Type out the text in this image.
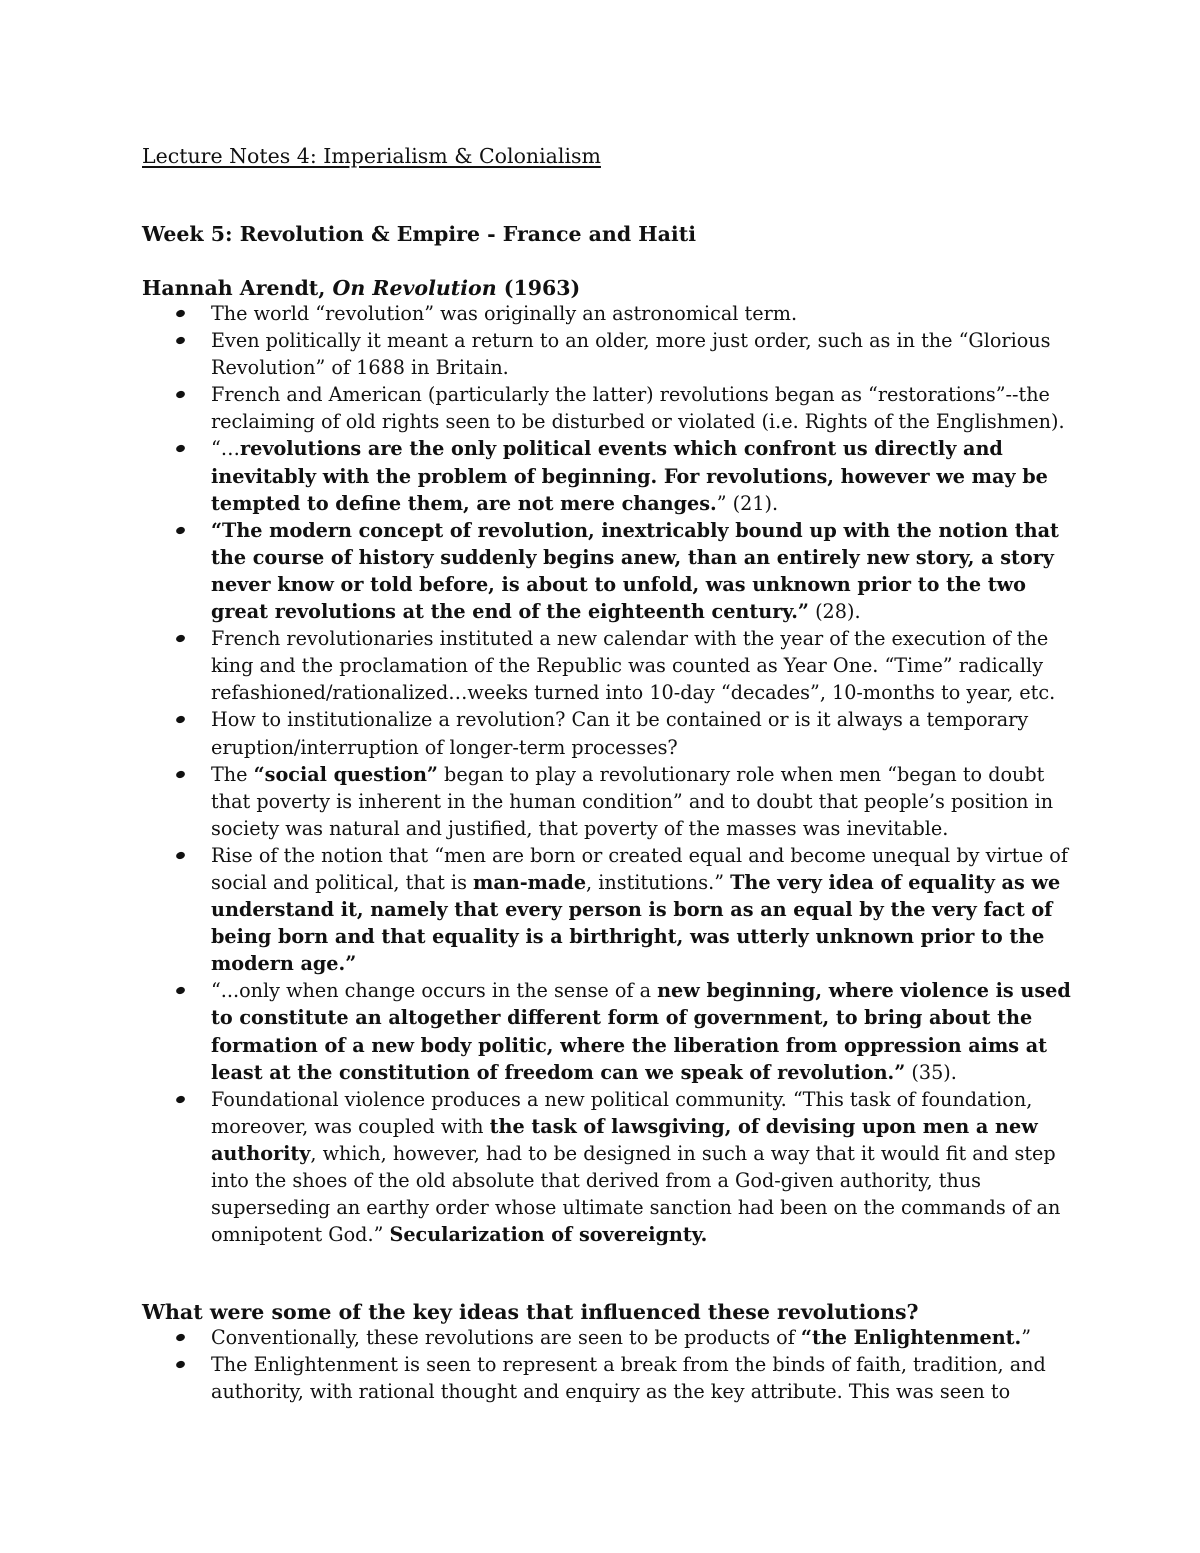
Lecture Notes 4: Imperialism & Colonialism
Week 5: Revolution & Empire - France and Haiti
Hannah Arendt, On Revolution (1963)
The world “revolution” was originally an astronomical term.
Even politically it meant a return to an older, more just order, such as in the “Glorious Revolution” of 1688 in Britain.
French and American (particularly the latter) revolutions began as “restorations”--the reclaiming of old rights seen to be disturbed or violated (i.e. Rights of the Englishmen).
“…revolutions are the only political events which confront us directly and inevitably with the problem of beginning. For revolutions, however we may be tempted to define them, are not mere changes.” (21).
“The modern concept of revolution, inextricably bound up with the notion that the course of history suddenly begins anew, than an entirely new story, a story never know or told before, is about to unfold, was unknown prior to the two great revolutions at the end of the eighteenth century.” (28).
French revolutionaries instituted a new calendar with the year of the execution of the king and the proclamation of the Republic was counted as Year One. “Time” radically refashioned/rationalized…weeks turned into 10-day “decades”, 10-months to year, etc.
How to institutionalize a revolution? Can it be contained or is it always a temporary eruption/interruption of longer-term processes?
The “social question” began to play a revolutionary role when men “began to doubt that poverty is inherent in the human condition” and to doubt that people’s position in society was natural and justified, that poverty of the masses was inevitable.
Rise of the notion that “men are born or created equal and become unequal by virtue of social and political, that is man-made, institutions.” The very idea of equality as we understand it, namely that every person is born as an equal by the very fact of being born and that equality is a birthright, was utterly unknown prior to the modern age.”
“...only when change occurs in the sense of a new beginning, where violence is used to constitute an altogether different form of government, to bring about the formation of a new body politic, where the liberation from oppression aims at least at the constitution of freedom can we speak of revolution.” (35).
Foundational violence produces a new political community. “This task of foundation, moreover, was coupled with the task of lawsgiving, of devising upon men a new authority, which, however, had to be designed in such a way that it would fit and step into the shoes of the old absolute that derived from a God-given authority, thus superseding an earthy order whose ultimate sanction had been on the commands of an omnipotent God.” Secularization of sovereignty.
What were some of the key ideas that influenced these revolutions?
Conventionally, these revolutions are seen to be products of “the Enlightenment.”
The Enlightenment is seen to represent a break from the binds of faith, tradition, and authority, with rational thought and enquiry as the key attribute. This was seen to
